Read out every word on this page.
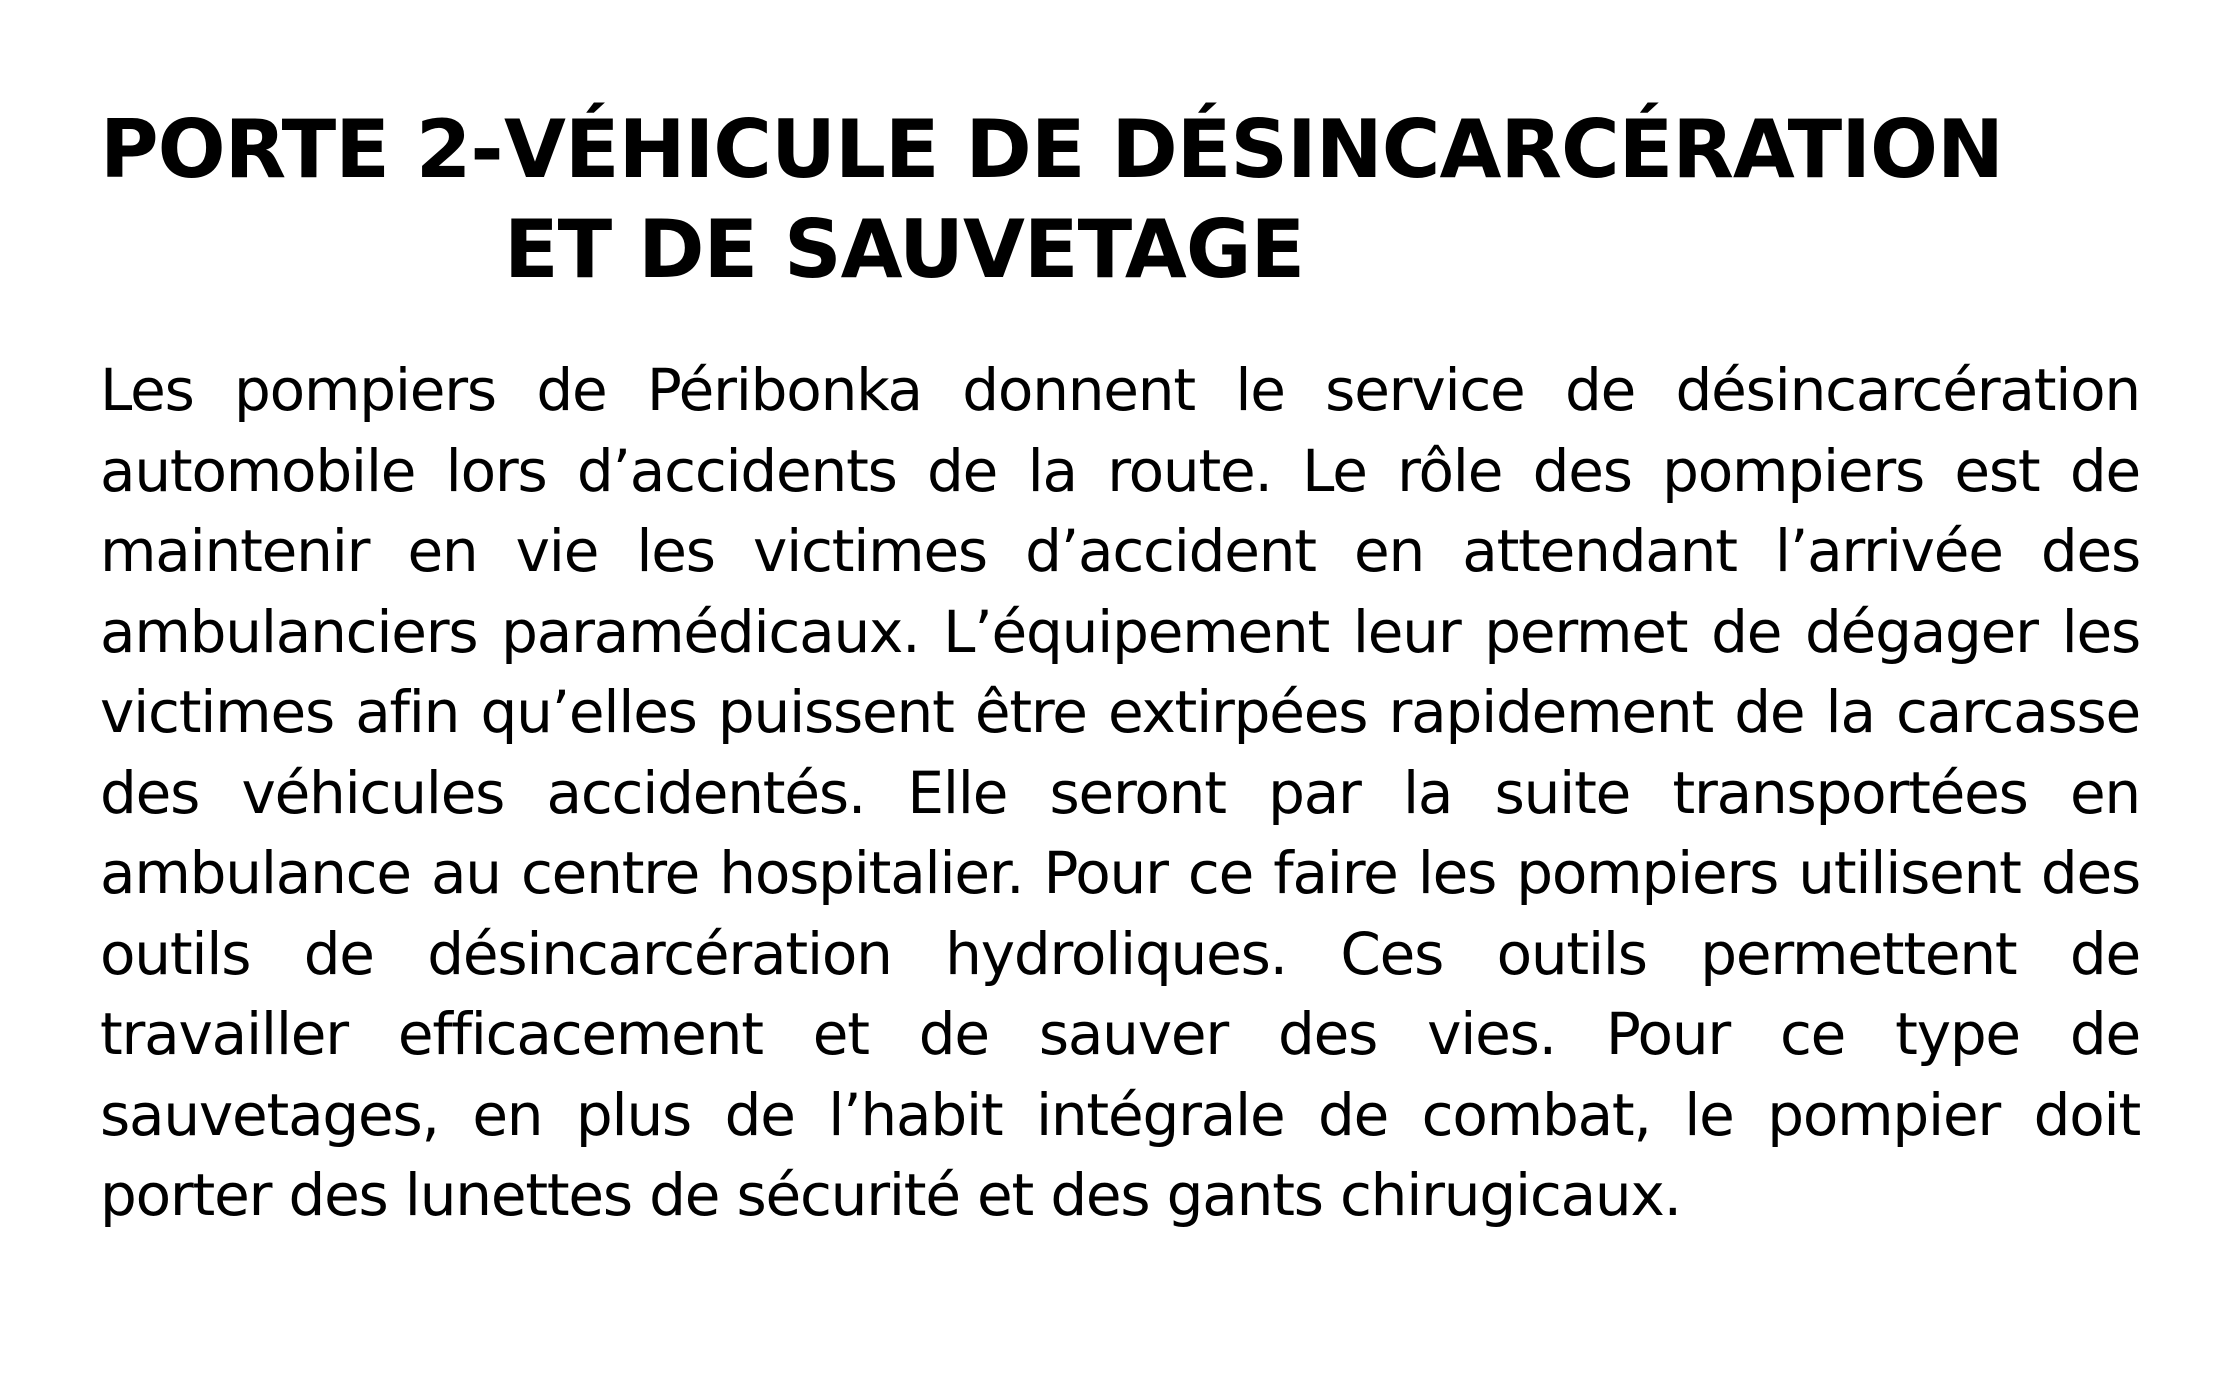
PORTE 2- VÉHICULE DE DÉSINCARCÉRATION
ET DE SAUVETAGE

Les pompiers de Péribonka donnent le service de désincarcération automobile lors d’accidents de la route. Le rôle des pompiers est de maintenir en vie les victimes d’accident en attendant l’arrivée des ambulanciers paramédicaux. L’équipement leur permet de dégager les victimes afin qu’elles puissent être extirpées rapidement de la carcasse des véhicules accidentés. Elle seront par la suite transportées en ambulance au centre hospitalier. Pour ce faire les pompiers utilisent des outils de désincarcération hydroliques. Ces outils permettent de travailler efficacement et de sauver des vies. Pour ce type de sauvetages, en plus de l’habit intégrale de combat, le pompier doit porter des lunettes de sécurité et des gants chirugicaux.
